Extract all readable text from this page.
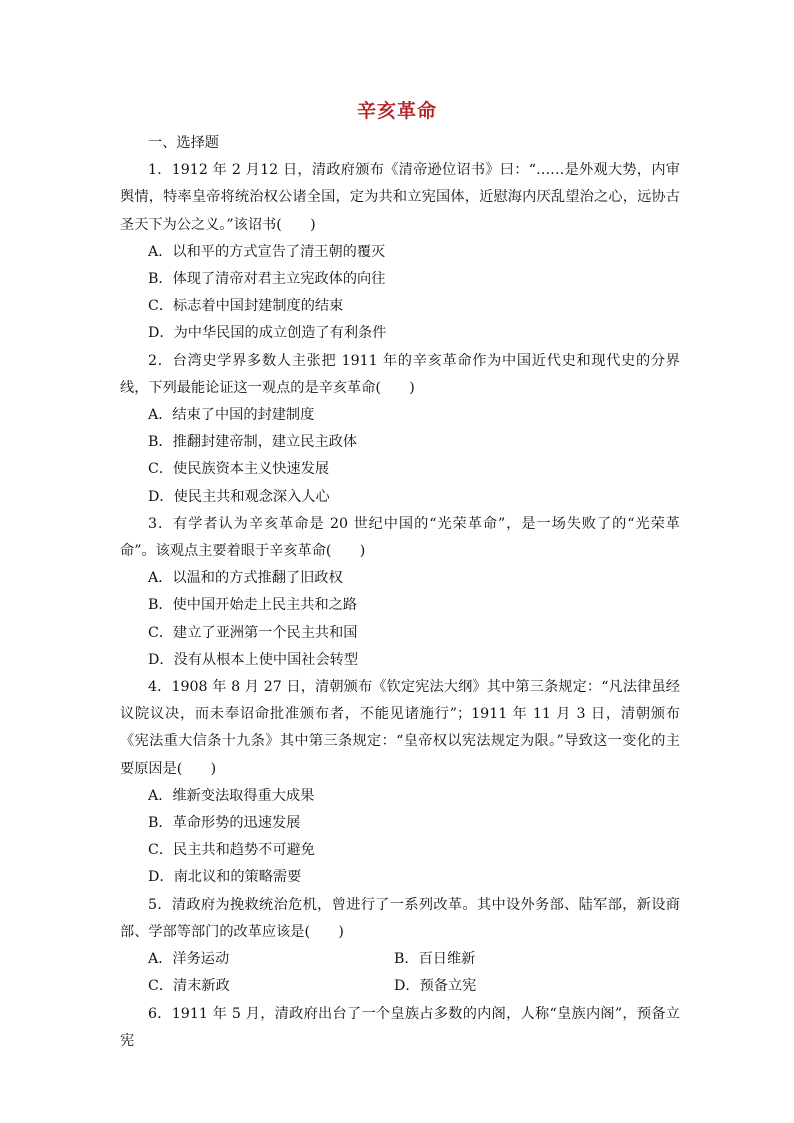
辛亥革命
一、选择题
1．1912 年 2 月12 日，清政府颁布《清帝逊位诏书》曰：“……是外观大势，内审舆情，特率皇帝将统治权公诸全国，定为共和立宪国体，近慰海内厌乱望治之心，远协古圣天下为公之义。”该诏书(　　)
A．以和平的方式宣告了清王朝的覆灭
B．体现了清帝对君主立宪政体的向往
C．标志着中国封建制度的结束
D．为中华民国的成立创造了有利条件
2．台湾史学界多数人主张把 1911 年的辛亥革命作为中国近代史和现代史的分界线，下列最能论证这一观点的是辛亥革命(　　)
A．结束了中国的封建制度
B．推翻封建帝制，建立民主政体
C．使民族资本主义快速发展
D．使民主共和观念深入人心
3．有学者认为辛亥革命是 20 世纪中国的“光荣革命”，是一场失败了的“光荣革命”。该观点主要着眼于辛亥革命(　　)
A．以温和的方式推翻了旧政权
B．使中国开始走上民主共和之路
C．建立了亚洲第一个民主共和国
D．没有从根本上使中国社会转型
4．1908 年 8 月 27 日，清朝颁布《钦定宪法大纲》其中第三条规定：“凡法律虽经议院议决，而未奉诏命批准颁布者，不能见诸施行”；1911 年 11 月 3 日，清朝颁布《宪法重大信条十九条》其中第三条规定：“皇帝权以宪法规定为限。”导致这一变化的主要原因是(　　)
A．维新变法取得重大成果
B．革命形势的迅速发展
C．民主共和趋势不可避免
D．南北议和的策略需要
5．清政府为挽救统治危机，曾进行了一系列改革。其中设外务部、陆军部，新设商部、学部等部门的改革应该是(　　)
A．洋务运动	B．百日维新
C．清末新政	D．预备立宪
6．1911 年 5 月，清政府出台了一个皇族占多数的内阁，人称“皇族内阁”，预备立宪
